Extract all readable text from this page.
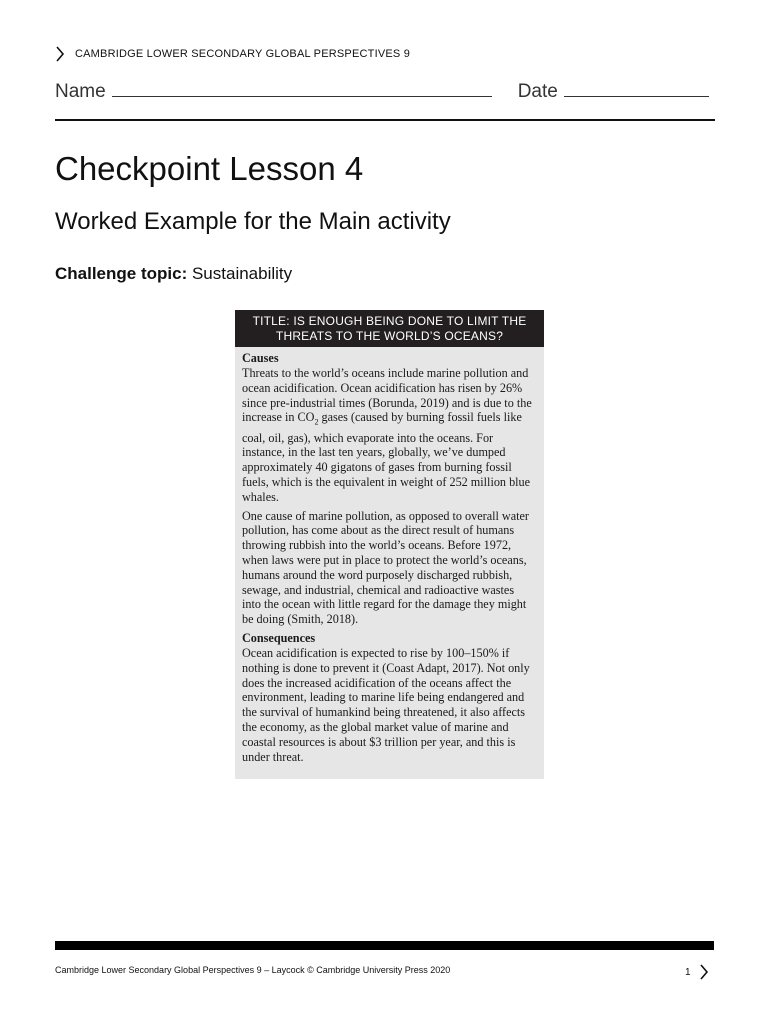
CAMBRIDGE LOWER SECONDARY GLOBAL PERSPECTIVES 9
Name	Date
Checkpoint Lesson 4
Worked Example for the Main activity
Challenge topic: Sustainability
TITLE: IS ENOUGH BEING DONE TO LIMIT THE THREATS TO THE WORLD’S OCEANS?
Causes

Threats to the world’s oceans include marine pollution and ocean acidification. Ocean acidification has risen by 26% since pre-industrial times (Borunda, 2019) and is due to the increase in $CO_2$ gases (caused by burning fossil fuels like coal, oil, gas), which evaporate into the oceans. For instance, in the last ten years, globally, we’ve dumped approximately 40 gigatons of gases from burning fossil fuels, which is the equivalent in weight of 252 million blue whales.

One cause of marine pollution, as opposed to overall water pollution, has come about as the direct result of humans throwing rubbish into the world’s oceans. Before 1972, when laws were put in place to protect the world’s oceans, humans around the word purposely discharged rubbish, sewage, and industrial, chemical and radioactive wastes into the ocean with little regard for the damage they might be doing (Smith, 2018).

Consequences

Ocean acidification is expected to rise by 100–150% if nothing is done to prevent it (Coast Adapt, 2017). Not only does the increased acidification of the oceans affect the environment, leading to marine life being endangered and the survival of humankind being threatened, it also affects the economy, as the global market value of marine and coastal resources is about $3 trillion per year, and this is under threat.

Cambridge Lower Secondary Global Perspectives 9 – Laycock © Cambridge University Press 2020	1
